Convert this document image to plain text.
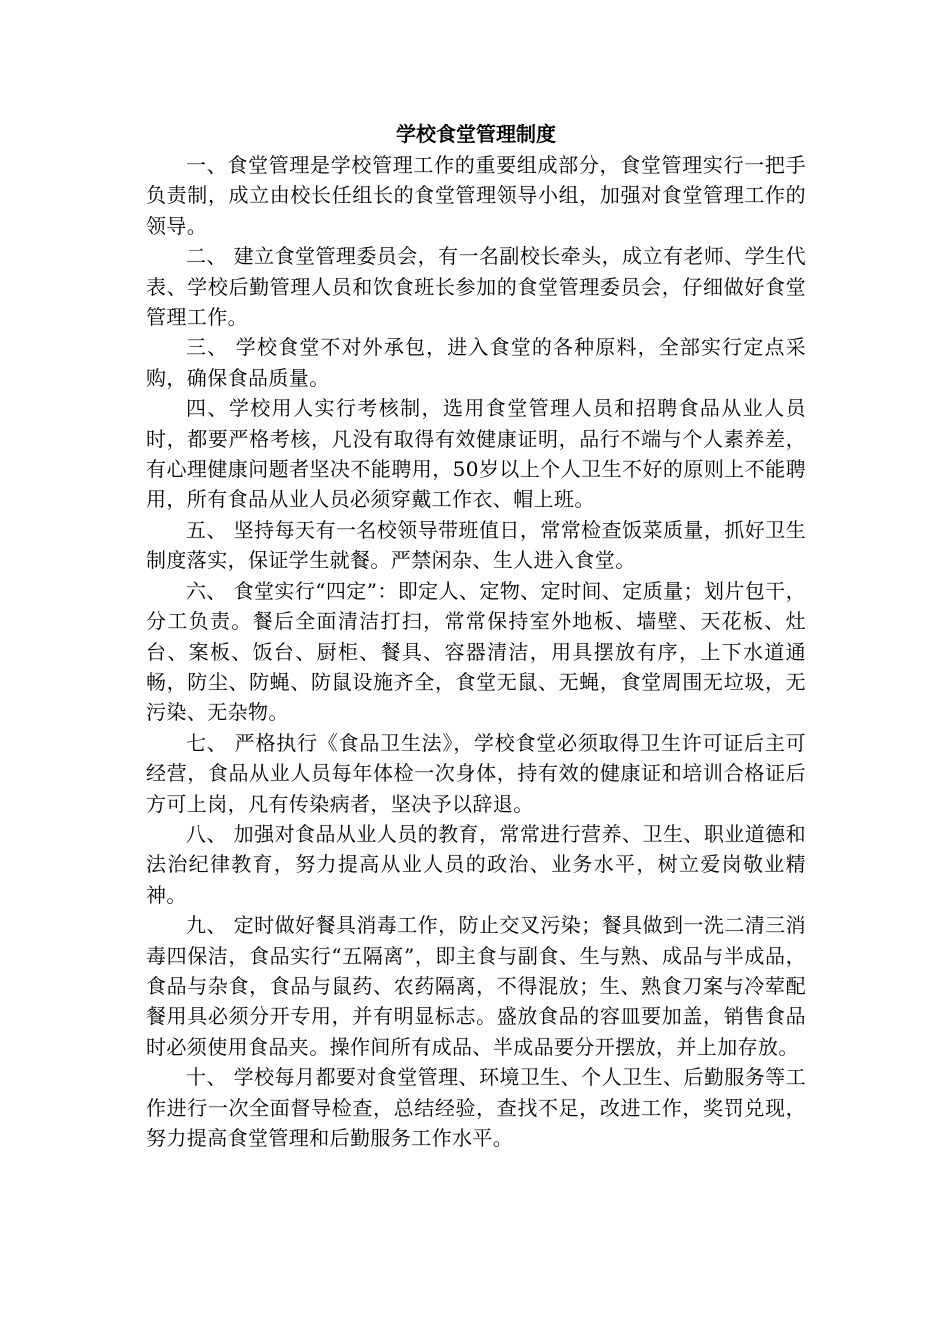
学校食堂管理制度

一、食堂管理是学校管理工作的重要组成部分，食堂管理实行一把手负责制，成立由校长任组长的食堂管理领导小组，加强对食堂管理工作的领导。

二、 建立食堂管理委员会，有一名副校长牵头，成立有老师、学生代表、学校后勤管理人员和饮食班长参加的食堂管理委员会，仔细做好食堂管理工作。

三、 学校食堂不对外承包，进入食堂的各种原料，全部实行定点采购，确保食品质量。

四、学校用人实行考核制，选用食堂管理人员和招聘食品从业人员时，都要严格考核，凡没有取得有效健康证明，品行不端与个人素养差，有心理健康问题者坚决不能聘用，50岁以上个人卫生不好的原则上不能聘用，所有食品从业人员必须穿戴工作衣、帽上班。

五、 坚持每天有一名校领导带班值日，常常检查饭菜质量，抓好卫生制度落实，保证学生就餐。严禁闲杂、生人进入食堂。

六、 食堂实行“四定”：即定人、定物、定时间、定质量；划片包干，分工负责。餐后全面清洁打扫，常常保持室外地板、墙壁、天花板、灶台、案板、饭台、厨柜、餐具、容器清洁，用具摆放有序，上下水道通畅，防尘、防蝇、防鼠设施齐全，食堂无鼠、无蝇，食堂周围无垃圾，无污染、无杂物。

七、 严格执行《食品卫生法》，学校食堂必须取得卫生许可证后主可经营，食品从业人员每年体检一次身体，持有效的健康证和培训合格证后方可上岗，凡有传染病者，坚决予以辞退。

八、 加强对食品从业人员的教育，常常进行营养、卫生、职业道德和法治纪律教育，努力提高从业人员的政治、业务水平，树立爱岗敬业精神。

九、 定时做好餐具消毒工作，防止交叉污染；餐具做到一洗二清三消毒四保洁，食品实行“五隔离”，即主食与副食、生与熟、成品与半成品，食品与杂食，食品与鼠药、农药隔离，不得混放；生、熟食刀案与冷荤配餐用具必须分开专用，并有明显标志。盛放食品的容皿要加盖，销售食品时必须使用食品夹。操作间所有成品、半成品要分开摆放，并上加存放。

十、 学校每月都要对食堂管理、环境卫生、个人卫生、后勤服务等工作进行一次全面督导检查，总结经验，查找不足，改进工作，奖罚兑现，努力提高食堂管理和后勤服务工作水平。
